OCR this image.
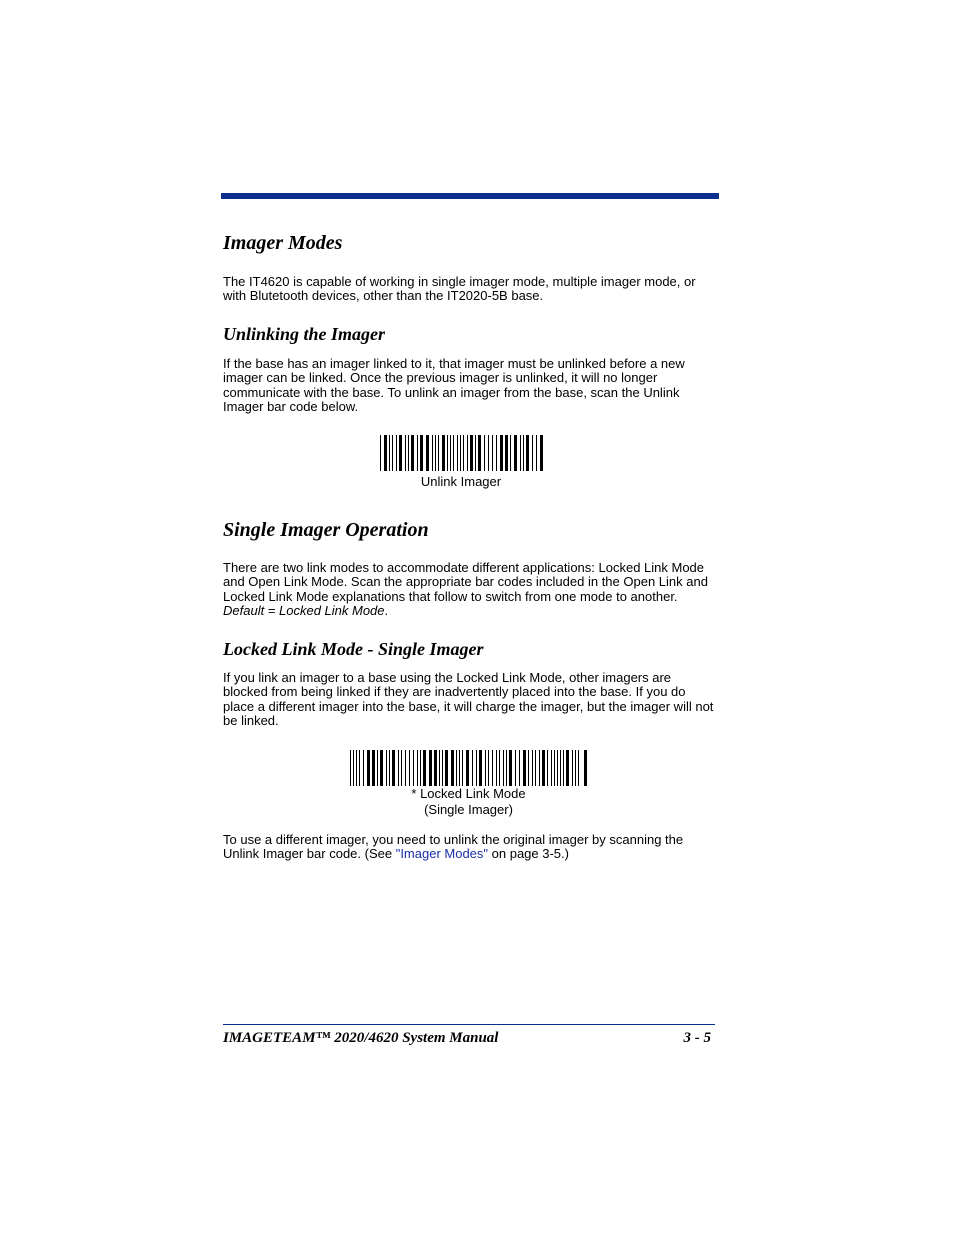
Imager Modes

The IT4620 is capable of working in single imager mode, multiple imager mode, or with Blutetooth devices, other than the IT2020-5B base.

Unlinking the Imager

If the base has an imager linked to it, that imager must be unlinked before a new imager can be linked. Once the previous imager is unlinked, it will no longer communicate with the base. To unlink an imager from the base, scan the Unlink Imager bar code below.

Unlink Imager
Single Imager Operation

There are two link modes to accommodate different applications: Locked Link Mode and Open Link Mode. Scan the appropriate bar codes included in the Open Link and Locked Link Mode explanations that follow to switch from one mode to another. Default = Locked Link Mode.

Locked Link Mode - Single Imager

If you link an imager to a base using the Locked Link Mode, other imagers are blocked from being linked if they are inadvertently placed into the base. If you do place a different imager into the base, it will charge the imager, but the imager will not be linked.

* Locked Link Mode
(Single Imager)

To use a different imager, you need to unlink the original imager by scanning the Unlink Imager bar code. (See "Imager Modes" on page 3-5.)

IMAGETEAM™ 2020/4620 System Manual	3 - 5
